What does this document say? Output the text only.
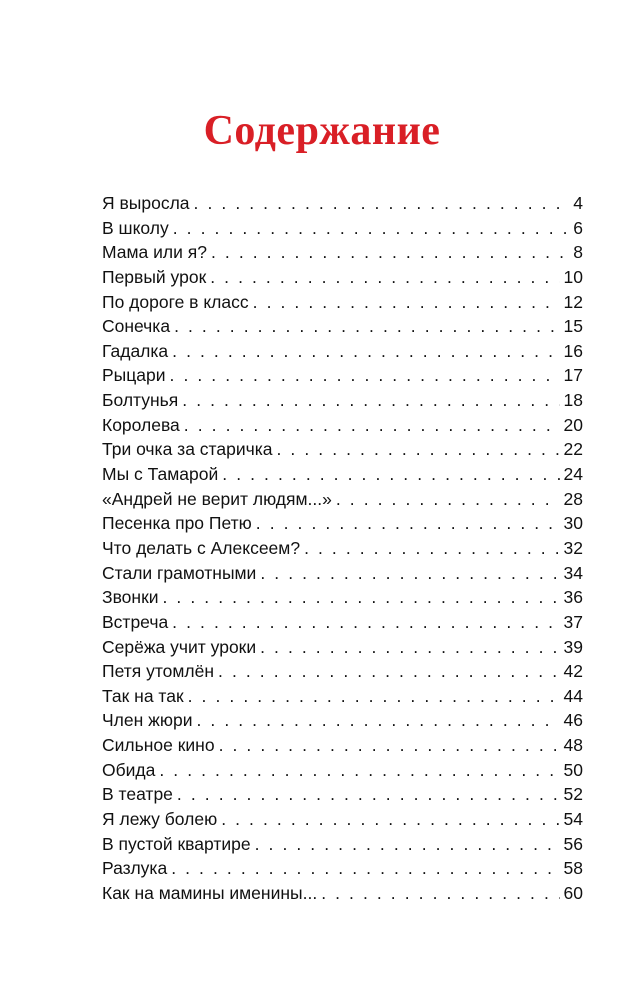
Содержание
Я выросла . . .	4
В школу . . .	6
Мама или я? . . .	8
Первый урок . . .	10
По дороге в класс . . .	12
Сонечка . . .	15
Гадалка . . .	16
Рыцари . . .	17
Болтунья . . .	18
Королева . . .	20
Три очка за старичка . . .	22
Мы с Тамарой . . .	24
«Андрей не верит людям...» . . .	28
Песенка про Петю . . .	30
Что делать с Алексеем? . . .	32
Стали грамотными . . .	34
Звонки . . .	36
Встреча . . .	37
Серёжа учит уроки . . .	39
Петя утомлён . . .	42
Так на так . . .	44
Член жюри . . .	46
Сильное кино . . .	48
Обида . . .	50
В театре . . .	52
Я лежу болею . . .	54
В пустой квартире . . .	56
Разлука . . .	58
Как на мамины именины... . . .	60
